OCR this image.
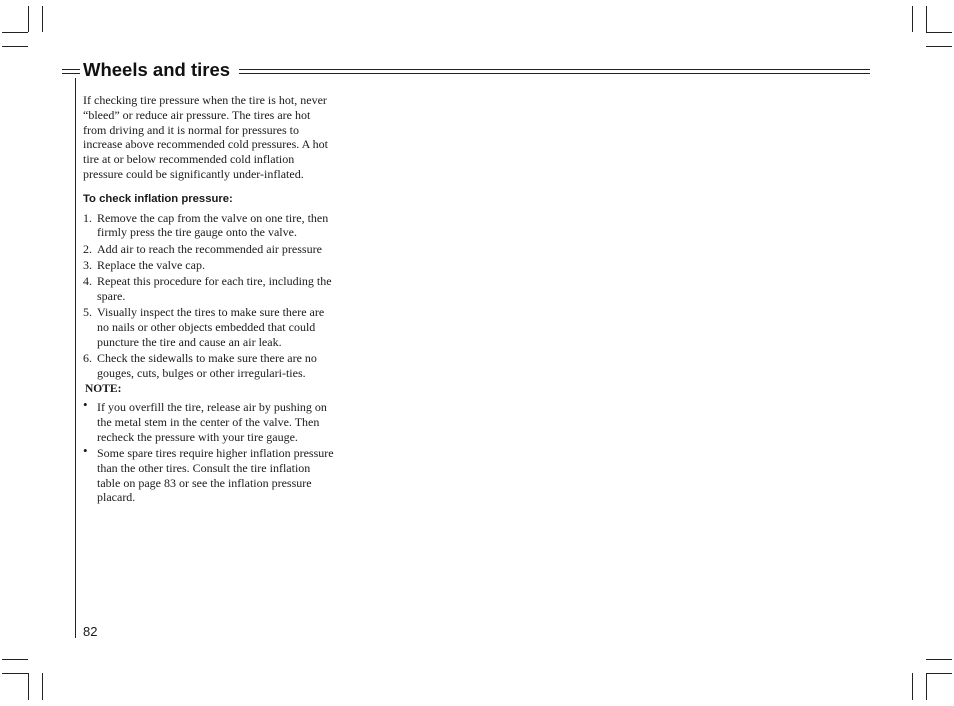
Wheels and tires

If checking tire pressure when the tire is hot, never “bleed” or reduce air pressure. The tires are hot from driving and it is normal for pressures to increase above recommended cold pressures. A hot tire at or below recommended cold inflation pressure could be significantly under-inflated.

To check inflation pressure:
1. Remove the cap from the valve on one tire, then firmly press the tire gauge onto the valve.
2. Add air to reach the recommended air pressure
3. Replace the valve cap.
4. Repeat this procedure for each tire, including the spare.
5. Visually inspect the tires to make sure there are no nails or other objects embedded that could puncture the tire and cause an air leak.
6. Check the sidewalls to make sure there are no gouges, cuts, bulges or other irregulari-ties.
NOTE:
• If you overfill the tire, release air by pushing on the metal stem in the center of the valve. Then recheck the pressure with your tire gauge.
• Some spare tires require higher inflation pressure than the other tires. Consult the tire inflation table on page 83 or see the inflation pressure placard.
82
